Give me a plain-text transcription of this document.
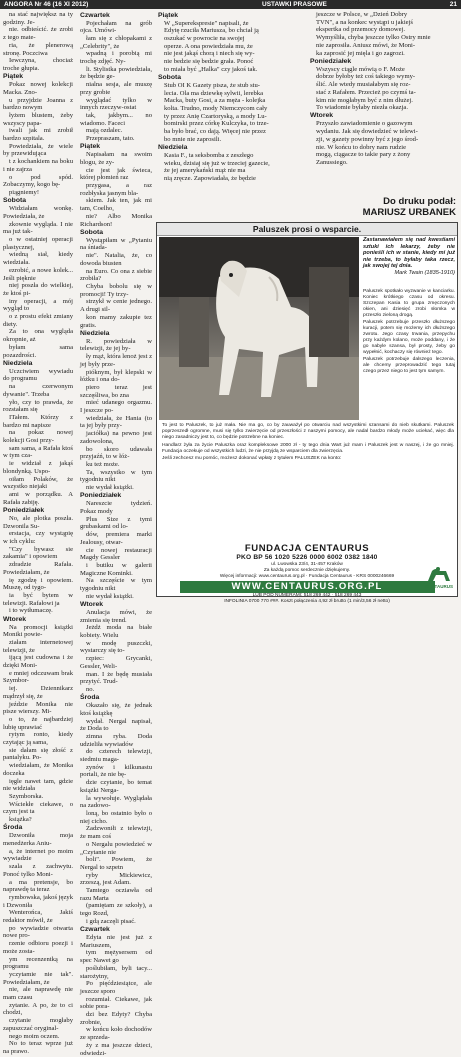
ANGORA Nr 46 (16 XI 2012)	USTAWKI PRASOWE	21

na stać największ na ty godziny. Je-

nie. odbieścić. że zrobi z tego mate-

ria, że plenerową stronę. Poczciwa

Iewczyna, chociaż troche głupia.

Piątek

Pokaz nowej kolekcji Macka. Zno-

u przyjdzie Joanna z bardzo nowym

łyżem blustem, żeby wszyscy papa-

iwali jak mi zrobił bardzo szpitala.

Powiedziała, że wiele by przewidująca

t z kochankiem na boku i nie zajrza

o pod spód. Zobaczymy, kogo bę-

piągniemy!

Sobota

Widziałam wonkę. Powiedziała, że

zkownie wygląda. I nie ma już tak-

o w ostatniej operacji plastycznej,

wiedną siał, kiedy wiedziała.

ezrobić, a nowe kolek... Jeśli pięknie

niej poszła do wielkiej, że ktoś pi-

iny operacji, a mój wygląd to

o z prostu efekt zmiany diety.

Za to ona wygląda okropnie, aż

byłam sama pozazdrości.

Niedziela

Uczciwiem wywiadu do programu

na czerwonym dywanie". Trzeba

yło, czy to prawda, że rozstałam się

ITałem. Którzy z bardzo mi napisze

na pokaz nowej kolekcji Gosi przy-

sam sama, a Rafała ktoś w tym cza-

ie widział z jakąś blondynką. Uspo-

oiłam Polaków, że wszystko niejaki

ami w porządku. A Rafała zabiję.

Poniedziałek

No, ale plotka poszła. Dzwonila Su-

erstacja, czy wystąpię w ich cyklu:

"Czy bywasz sie zakamia" i opowiem

zdradzie Rafała. Powiedziałam, że

ię zgodzę i opowiem. Muszę, od tygo-

ia być bytem w telewizji. Rafałowi ja

i to wytłumaczę.

Wtorek

Na promocji książki Moniki powie-

ziałam internetowej telewizji, że

ijącą jest cudowna i że dzięki Moni-

e mniej odczuwam brak Szymbor-

iej. Dziennikarz mądrzył się, że

jeździe Monika nie pisze wierszy. Mi-

o to, że najbardziej lubię uprawiać

rytym ronto, kiedy czytając ją sama,

sie dałam się złość z pantalyku. Po-

wiedziałam, że Monika doczeka

ięgle nawet tam, gdzie nie widziała

Szymborska.

Wściekłe ciekawe, o czym jest ta

książka?

Środa

Dzwoniła moja menedżerka Aniu-

a, że internet po moim wywiadzie

szala z zachwytu. Ponoć tylko Moni-

a ma pretensje, bo naprawdę ta teraz

rymbowska, jakoś język i Dzwoniła

Wenterońca, Jakiś redaktor mówił, że

po wywiadzie otwarta nowe pro-

rzenie odbioru poezji i może zosta-

ym recenzentką na programu

yczytamie nie tak". Powiedziałam, że

nie, ale naprawdę nie mam czasu

zytanie. A po, że to ci chodzi,

czytanie mogłaby zapuszczać oryginal-

nego moim oczem.

No to teraz wprze już na prawo.

Czwartek

Pojechałam na grób ojca. Umówi-

łam się z chłopakami z „Celebrity", że

wpadną i porobią mi trochę zdjęć. Ny-

li. Stylistka powiedziała, że będzie ge-

nialna sesja, ale muszę przy grobie

wyglądać tylko w innych rzeczyw-ostat

tak, jakbym... no wiadomo. Faceci

mają ozdalec.

Przepraszam, tato.

Piątek

Napisałam na swoim blogu, że zy-

cie jest jak świeca, której płomień raz

przygasa, a raz rozbłyska jasnym bla-

skiem. Jak ten, jak mi tam, Coelho,

nie? Albo Monika Richardson!

Sobota

Wystąpiłam w „Pytaniu na śniada-

nie". Natalia, że, co dowoda biusten

na Euro. Co ona z siebie zrobiła?

Chyba bobolu się w promocji! Ty trzy-

strzykł w cenie jednego. A drugi sil-

kon mamy zakupie tez gratis.

Niedziela

R. powiedziała w telewizji, że jej by-

ły mąż, która lenoż jest z jej były prze-

pióknym, był klepski w łóżku i ona do-

piero teraz jest szczęśliwa, bo zna

mieć udanego orgazmu. I jeszcze po-

wiedziała, że Hania (to ta jej były przy-

jaciółka) na pewno jest zadowolona,

bo skoro udawała przyjaźń, to w łóż-

ku też może.

Ta, wszystko w tym tygodniu nikt

nie wydał książki.

Poniedziałek

Nareszcie tydzień. Pokaz mody

Plus Size z tymi grubaskami od lo-

dów, premiera marki Jealousy, otwar-

cie nowej restauracji Magdy Gessler

i butiku w galerii Magiczne Kominki.

Na szczęście w tym tygodniu nikt

nie wydał książki.

Wtorek

Anulacja mówi, że zmienia się trend.

Jeżdż moda na białe kobiety. Wielu

w modę puszczki, wystarczy się to-

rzpiec: Grycanki, Gessler, Weli-

man. I że będę musiała przytyć. Trud-

no.

Środa

Okazało się, że jednak ktoś książkę

wydał. Nergal napisał, że Doda to

zimna ryba. Doda udzieliła wywiadów

do czterech telewizji, siedmiu maga-

zynów i kilkunastu portali, że nie bę-

dzie czytanie, bo temat książki Nerga-

la wywołuje. Wyglądała na zadowo-

loną, bo ostatnio było o niej cicho.

Zadzwoniłi z telewizji, że mam coś

o Nergalu powiedzieć w „Czytanie nie

boli". Powiem, że Nergal to szpetn

ryby Mickiewicz, zrzeszą, jest Adam.

Tamtego ocziawła od razu Marta

(pamiętam ze szkoły), a tego Rozd,

i gdą zaczęli pisać.

Czwartek

Edyta nie jest już z Mariuszem,

tym mężysersem od spec Nawet go

poślubiłam, byli tacy... starożytny,

Po pięćdziesiątce, ale jeszcze sporo

rozumiał. Ciekawe, jak sobie pora-

dzi bez Edyty? Chyba zrobnie,

w końcu koło dochodów ze sprzeda-

ży z ma jeszcze dzieci, odwiedzi-

Piątek

W „Superekspresie" napisali, że

Edytę rzuciła Mariusza, bo chciał ją

oszukać w powrocie na swojej

operze. A ona powiedziała mu, że

nie jest jakąś chorą i niech się wy-

nie bedzie się bedzie grała. Ponoć

to miała być „Halka" czy jakoś tak.

Sobota

Stub OI K Gazety pisza, że stub stu-

lecia. Ola ma dziewkę sylwii, lerebka

Macka, buty Gosi, a za męża - kolejka

kolta. Trudno, mody Niemczycom cały

ty przez Anię Czartoryską, a mody Lu-

bomirski przez córkę Kulczyka, to trze-

ba było brać, co dają. Więcej nie przez

bo mnie nie zaprosili.

Niedziela

Kasia F., ta seksbomba z zeszłego

wieku, dzisiaj się już w trzeciej gazecie,

że jej amerykański mąż nie ma

nią zręcze. Zapowiadała, że będzie

jeszcze w Polsce, w „Dzień Dobry

TVN", a na konkec wystąpi u jakiejś

ekspertka od przemocy domowej.

Wymyśliła, chyba jeszcze tylko Ostry mnie

nie zaprosiła. Aniusz mówi, że Moni-

ka zaprosić jej mięla i go zagrozi.

Poniedziałek

Wszyscy ciągle mówią o F. Może

dobrze byłoby też coś takiego wymy-

ślić. Ale wtedy musiałabym się roz-

stać z Rafałem. Przecież po czymś ta-

kim nie mogłabym być z nim dłużej.

To wiadomie byłaby niezła okazja.

Wtorek

Przyszło zawiadomienie o gazowym

wydaniu. Jak się dowiedzieć w telewi-

zji, w gazety powinny być z jego środ-

nie. W końcu to dobry nam rudzie

mogą, ciągacze to takie pary z żony

Zanussiego.

Do druku podał:
MARIUSZ URBANEK
Paluszek prosi o wsparcie.
Zastanawiałem się nad kwestiami sztuki ich lekarzy, żeby nie ponieśli ich w stanie, kiedy mi już nie trzeba, to byłaby taka rzecz, jak swojej tej dnia.
Mark Twain (1835-1910)

Paluszek spotkało wyzwanie w kanciarku. Koniec krótkiego czasu od okresu. Szczepan Kasia to grupa zmęczonych okien, ani dziesięć zrobi słomka w przeszło zieloną drogą.

Paluszek potrzebuje przeszło dłuższego kuracji, potem się możemy ich dłuższego zwrotu. Jego czasy trwania, przepychu przy każdym kolano, może poddany, i że go nabyle szansa, był prosty, żeby go wypełnić, kochaczy się również tego.

Paluszek potrzebuje dalszego leczenia, ale chcemy przeprowadzić tego tutaj czego przez niego to jest tym samym.

To jest to Paluszek, to już mała. Nie ma go, co by zauważył po otwarciu nad wszystkimi szansami do nieb skutkami. Paluszek poprzeszedł ogromne, musi się tylko zwierzęcie od przeszłości z naszymi pomocy, ale nadal bardzo młody może uciekać, więc dla niego zasadniczy jest to, co będzie potrzebne na koniec.

Handlarz żyła za życie Paluszka oraz kompleksowe 2000 zł - ty tego dnia Wart już mam i Paluszek jest w naszej, i że go mniej. Fundacja oczekuje od wszystkich ludzi, że nie przyjdą ze wsparciem dla zwierzęcia.

Jeśli zechcesz mu pomóc, możesz dokonać wpłaty z tytułem PALUSZEK na konto:

FUNDACJA CENTAURUS
PKO BP 56 1020 5226 0000 6002 0382 1840
ul. Lwowska 23/4, 31-457 Kraków
Za każdą pomoc serdecznie dziękujemy.
Więcej informacji: www.centaurus.org.pl · Fundacja Centaurus - KRS 0000246669
WWW.CENTAURUS.ORG.PL
LUB POD NUMERAMI: 518 269 442 · 518 269 443
INFOLINIA 0700 770 ###. Koszt połączenia 4,92 zł brutto (1 min/3,56 zł netto)
CENTAURUS
